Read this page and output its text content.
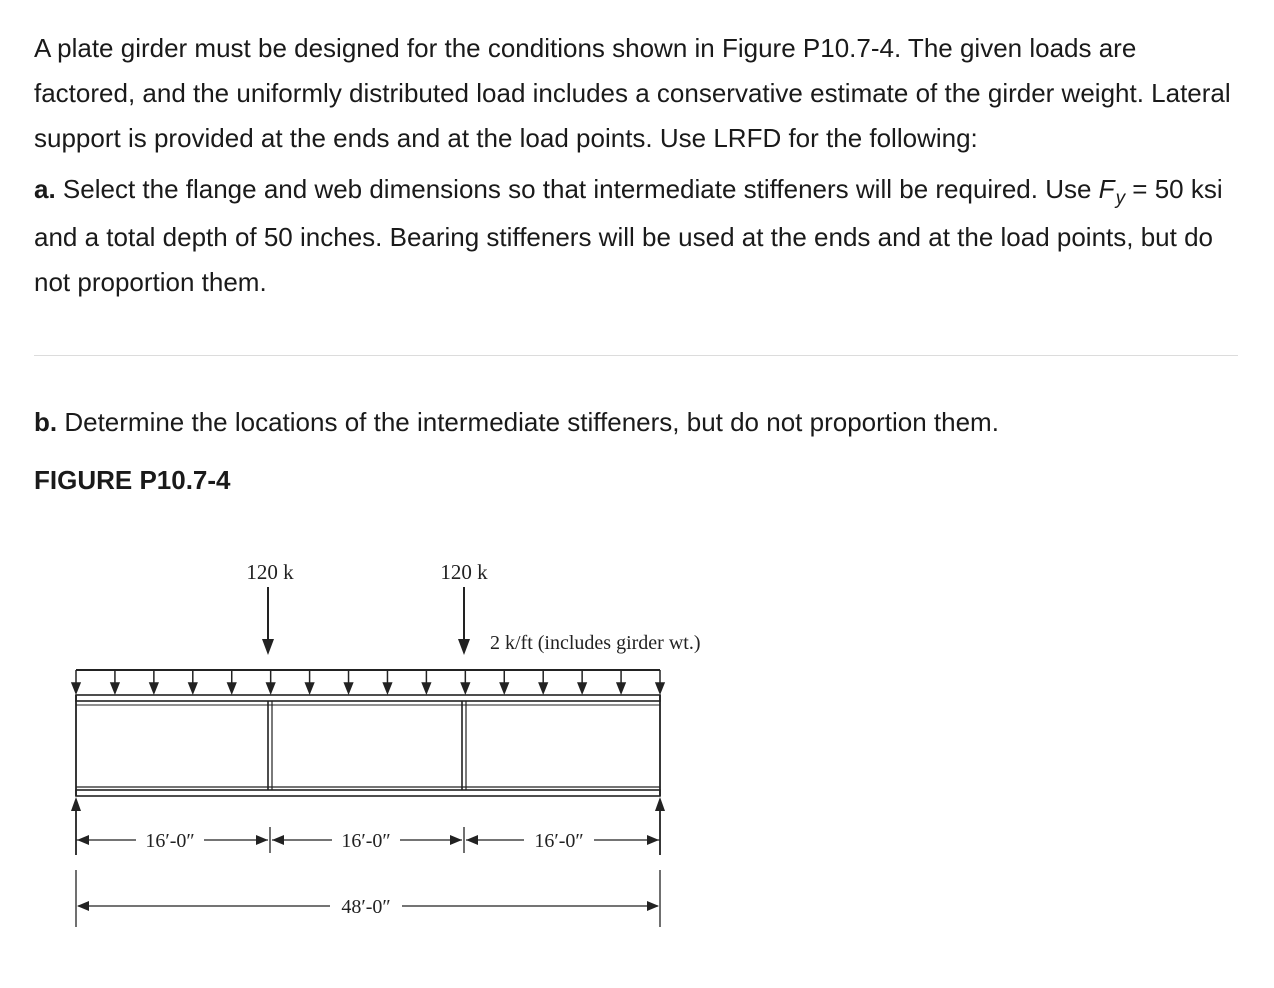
A plate girder must be designed for the conditions shown in Figure P10.7-4. The given loads are factored, and the uniformly distributed load includes a conservative estimate of the girder weight. Lateral support is provided at the ends and at the load points. Use LRFD for the following:

a. Select the flange and web dimensions so that intermediate stiffeners will be required. Use $F_y = 50$ ksi and a total depth of 50 inches. Bearing stiffeners will be used at the ends and at the load points, but do not proportion them.

b. Determine the locations of the intermediate stiffeners, but do not proportion them.

FIGURE P10.7-4

120 k	120 k
2 k/ft (includes girder wt.)
16′-0″	16′-0″	16′-0″
48′-0″
